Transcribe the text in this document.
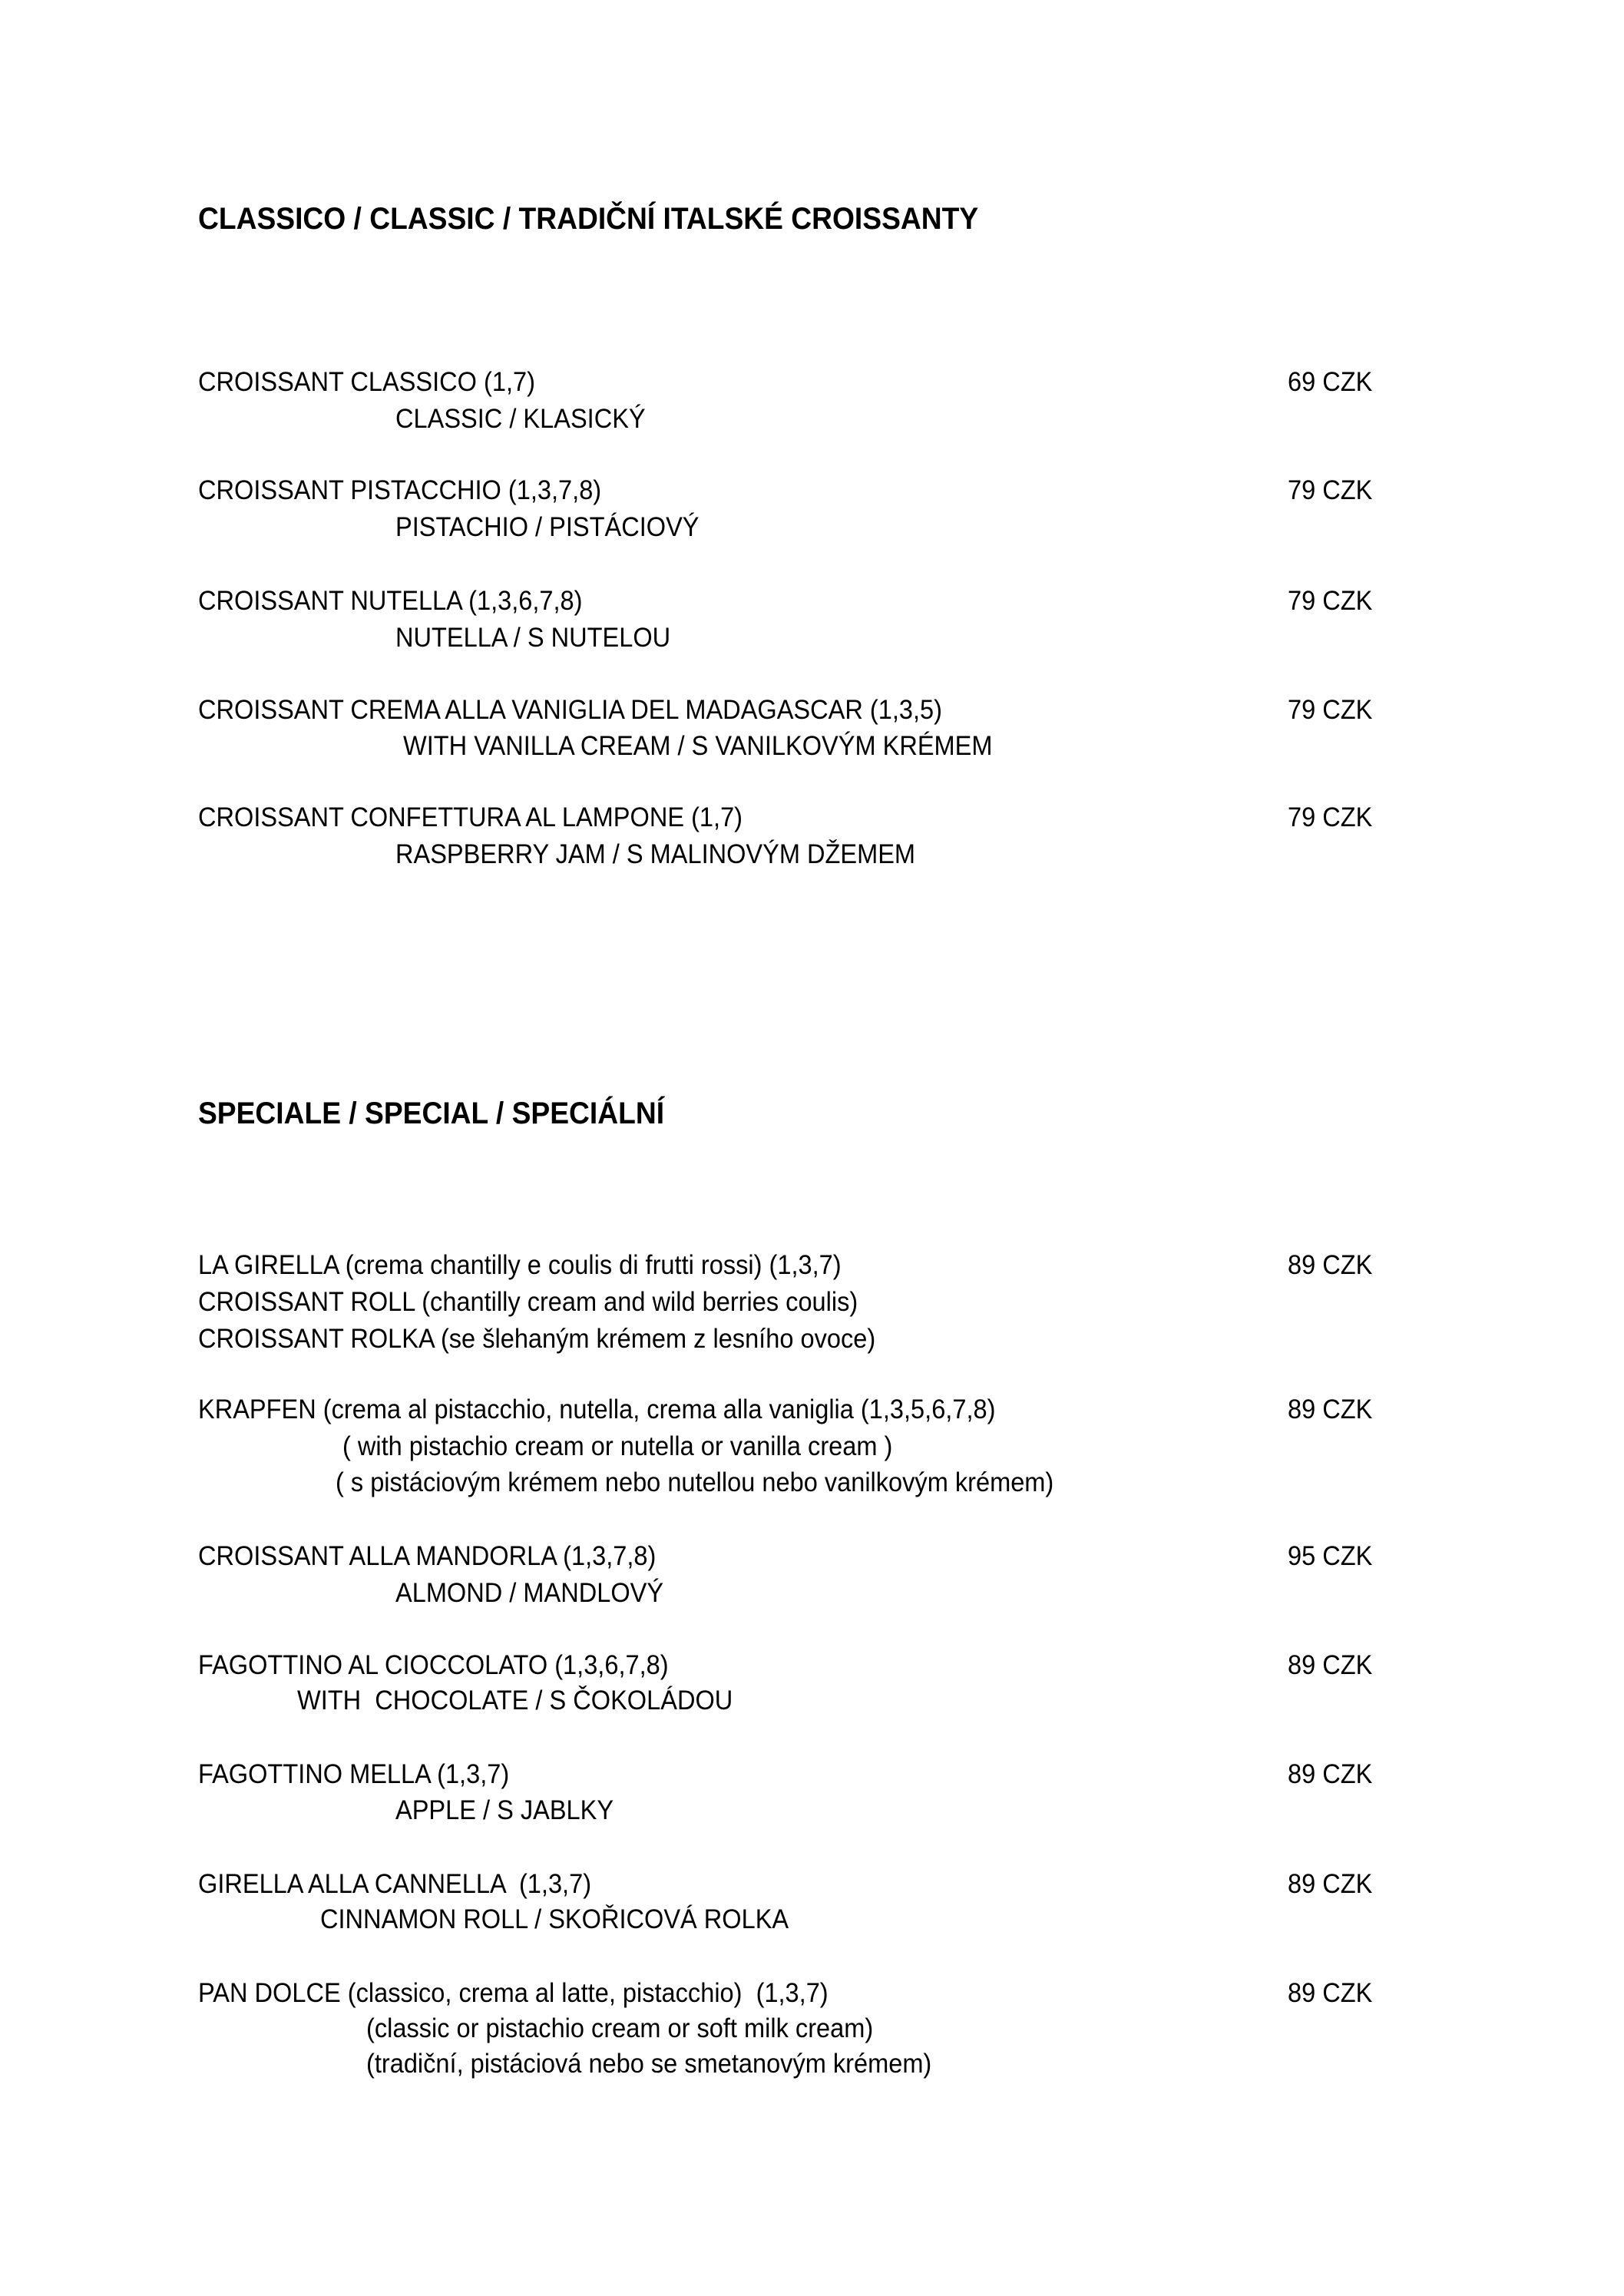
CLASSICO / CLASSIC / TRADIČNÍ ITALSKÉ CROISSANTY
CROISSANT CLASSICO (1,7)	69 CZK
CLASSIC / KLASICKÝ
CROISSANT PISTACCHIO (1,3,7,8)	79 CZK
PISTACHIO / PISTÁCIOVÝ
CROISSANT NUTELLA (1,3,6,7,8)	79 CZK
NUTELLA / S NUTELOU
CROISSANT CREMA ALLA VANIGLIA DEL MADAGASCAR (1,3,5)	79 CZK
WITH VANILLA CREAM / S VANILKOVÝM KRÉMEM
CROISSANT CONFETTURA AL LAMPONE (1,7)	79 CZK
RASPBERRY JAM / S MALINOVÝM DŽEMEM
SPECIALE / SPECIAL / SPECIÁLNÍ
LA GIRELLA (crema chantilly e coulis di frutti rossi) (1,3,7)	89 CZK
CROISSANT ROLL (chantilly cream and wild berries coulis)
CROISSANT ROLKA (se šlehaným krémem z lesního ovoce)
KRAPFEN (crema al pistacchio, nutella, crema alla vaniglia (1,3,5,6,7,8)	89 CZK
( with pistachio cream or nutella or vanilla cream )
( s pistáciovým krémem nebo nutellou nebo vanilkovým krémem)
CROISSANT ALLA MANDORLA (1,3,7,8)	95 CZK
ALMOND / MANDLOVÝ
FAGOTTINO AL CIOCCOLATO (1,3,6,7,8)	89 CZK
WITH  CHOCOLATE / S ČOKOLÁDOU
FAGOTTINO MELLA (1,3,7)	89 CZK
APPLE / S JABLKY
GIRELLA ALLA CANNELLA  (1,3,7)	89 CZK
CINNAMON ROLL / SKOŘICOVÁ ROLKA
PAN DOLCE (classico, crema al latte, pistacchio)  (1,3,7)	89 CZK
(classic or pistachio cream or soft milk cream)
(tradiční, pistáciová nebo se smetanovým krémem)
